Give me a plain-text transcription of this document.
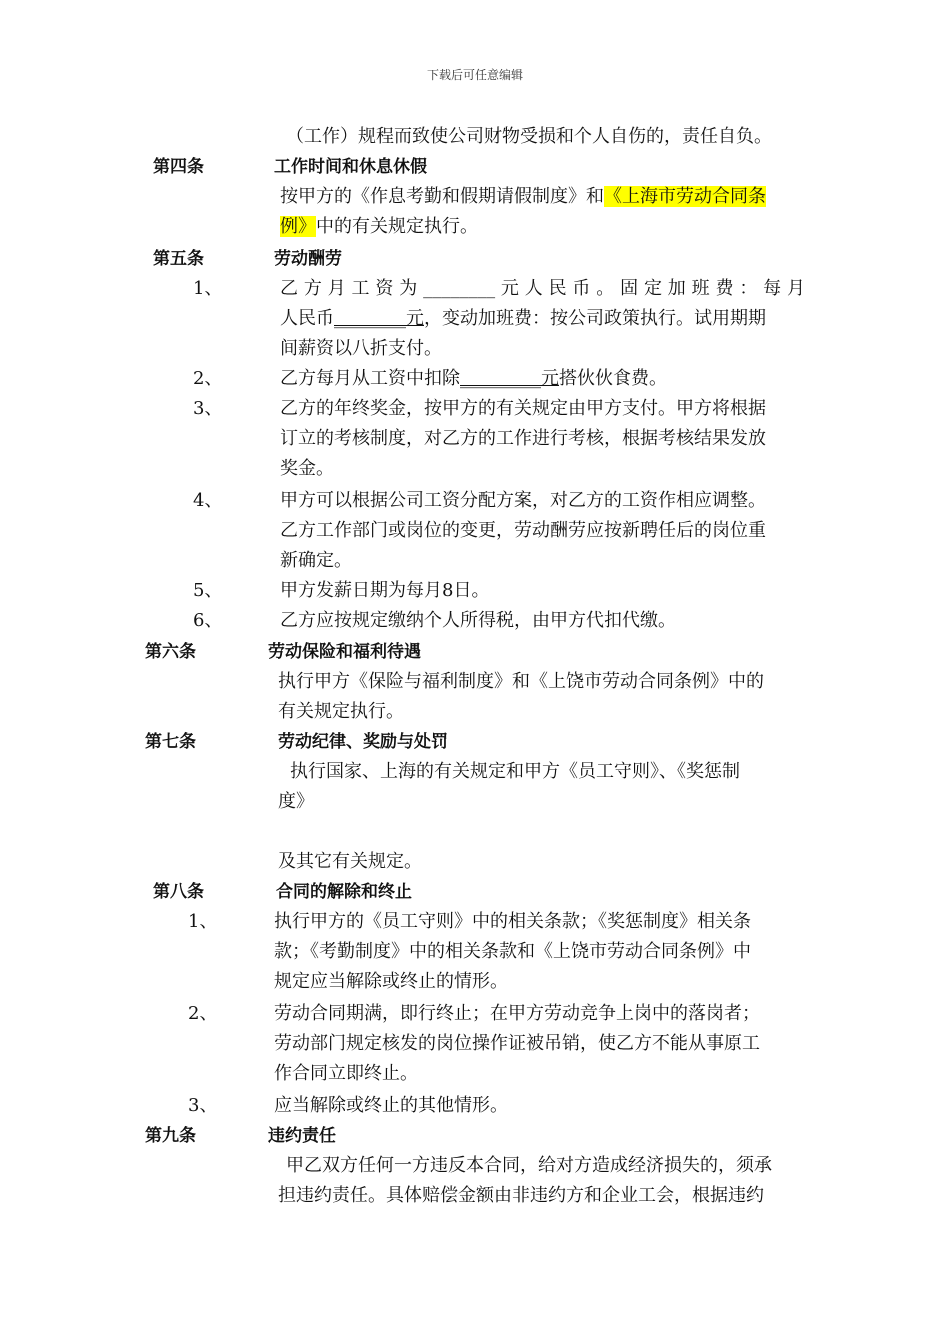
下载后可任意编辑
（工作）规程而致使公司财物受损和个人自伤的，责任自负。
第四条	工作时间和休息休假
按甲方的《作息考勤和假期请假制度》和《上海市劳动合同条
例》中的有关规定执行。
第五条	劳动酬劳
1、	乙方月工资为________元人民币。固定加班费：每月
人民币________元，变动加班费：按公司政策执行。试用期期
间薪资以八折支付。
2、	乙方每月从工资中扣除_________元搭伙伙食费。
3、	乙方的年终奖金，按甲方的有关规定由甲方支付。甲方将根据
订立的考核制度，对乙方的工作进行考核，根据考核结果发放
奖金。
4、	甲方可以根据公司工资分配方案，对乙方的工资作相应调整。
乙方工作部门或岗位的变更，劳动酬劳应按新聘任后的岗位重
新确定。
5、	甲方发薪日期为每月8日。
6、	乙方应按规定缴纳个人所得税，由甲方代扣代缴。
第六条	劳动保险和福利待遇
执行甲方《保险与福利制度》和《上饶市劳动合同条例》中的
有关规定执行。
第七条	劳动纪律、奖励与处罚
执行国家、上海的有关规定和甲方《员工守则》、《奖惩制
度》
及其它有关规定。
第八条	合同的解除和终止
1、	执行甲方的《员工守则》中的相关条款；《奖惩制度》相关条
款；《考勤制度》中的相关条款和《上饶市劳动合同条例》中
规定应当解除或终止的情形。
2、	劳动合同期满，即行终止；在甲方劳动竞争上岗中的落岗者；
劳动部门规定核发的岗位操作证被吊销，使乙方不能从事原工
作合同立即终止。
3、	应当解除或终止的其他情形。
第九条	违约责任
甲乙双方任何一方违反本合同，给对方造成经济损失的，须承
担违约责任。具体赔偿金额由非违约方和企业工会，根据违约
